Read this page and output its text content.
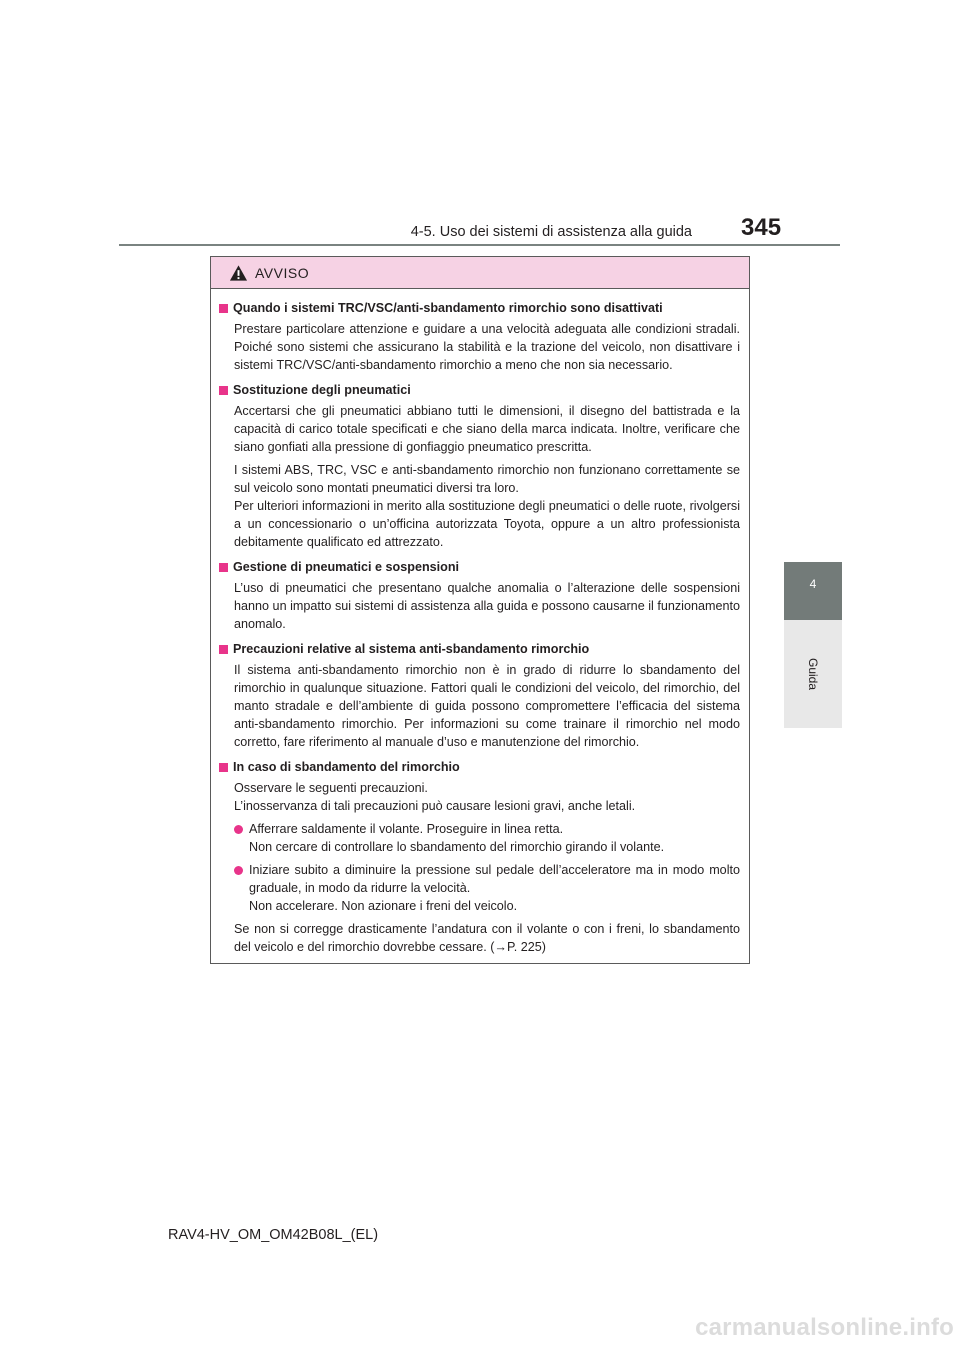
4-5. Uso dei sistemi di assistenza alla guida 345
4
Guida
AVVISO
Quando i sistemi TRC/VSC/anti-sbandamento rimorchio sono disattivati
Prestare particolare attenzione e guidare a una velocità adeguata alle condizioni stradali. Poiché sono sistemi che assicurano la stabilità e la trazione del veicolo, non disattivare i sistemi TRC/VSC/anti-sbandamento rimorchio a meno che non sia necessario.
Sostituzione degli pneumatici
Accertarsi che gli pneumatici abbiano tutti le dimensioni, il disegno del battistrada e la capacità di carico totale specificati e che siano della marca indicata. Inoltre, verificare che siano gonfiati alla pressione di gonfiaggio pneumatico prescritta.
I sistemi ABS, TRC, VSC e anti-sbandamento rimorchio non funzionano correttamente se sul veicolo sono montati pneumatici diversi tra loro.
Per ulteriori informazioni in merito alla sostituzione degli pneumatici o delle ruote, rivolgersi a un concessionario o un’officina autorizzata Toyota, oppure a un altro professionista debitamente qualificato ed attrezzato.
Gestione di pneumatici e sospensioni
L’uso di pneumatici che presentano qualche anomalia o l’alterazione delle sospensioni hanno un impatto sui sistemi di assistenza alla guida e possono causarne il funzionamento anomalo.
Precauzioni relative al sistema anti-sbandamento rimorchio
Il sistema anti-sbandamento rimorchio non è in grado di ridurre lo sbandamento del rimorchio in qualunque situazione. Fattori quali le condizioni del veicolo, del rimorchio, del manto stradale e dell’ambiente di guida possono compromettere l’efficacia del sistema anti-sbandamento rimorchio. Per informazioni su come trainare il rimorchio nel modo corretto, fare riferimento al manuale d’uso e manutenzione del rimorchio.
In caso di sbandamento del rimorchio
Osservare le seguenti precauzioni.
L’inosservanza di tali precauzioni può causare lesioni gravi, anche letali.
Afferrare saldamente il volante. Proseguire in linea retta.
Non cercare di controllare lo sbandamento del rimorchio girando il volante.
Iniziare subito a diminuire la pressione sul pedale dell’acceleratore ma in modo molto graduale, in modo da ridurre la velocità.
Non accelerare. Non azionare i freni del veicolo.
Se non si corregge drasticamente l’andatura con il volante o con i freni, lo sbandamento del veicolo e del rimorchio dovrebbe cessare. (→P. 225)
RAV4-HV_OM_OM42B08L_(EL)
carmanualsonline.info
